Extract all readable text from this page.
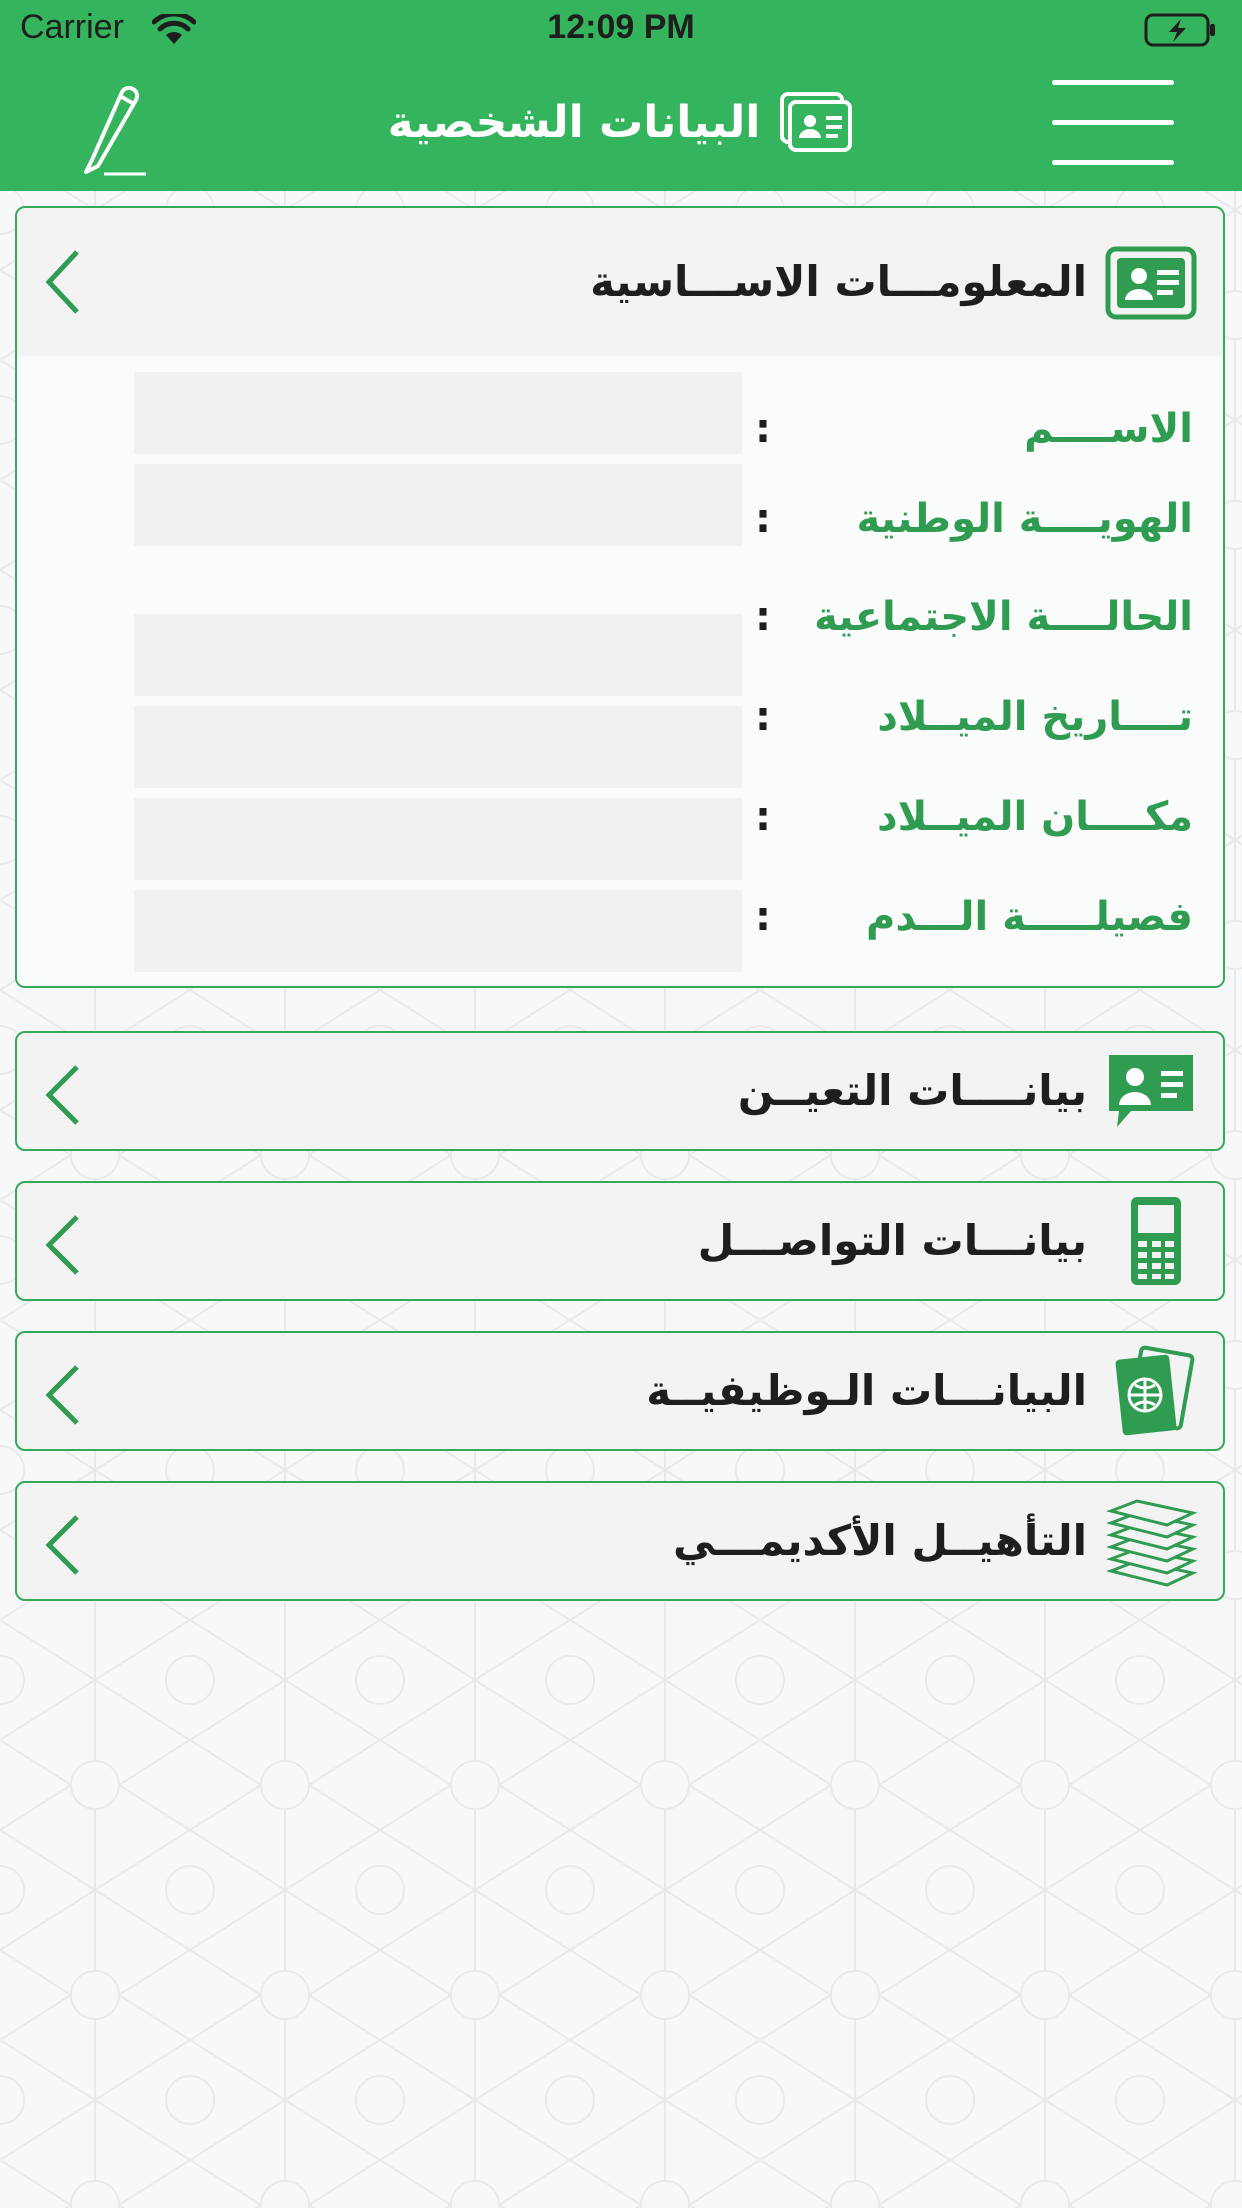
Carrier	12:09 PM
البيانات الشخصية
المعلومـــات الاســـاسية
الاســــم
:
الهويــــة الوطنية
:
الحالــــة الاجتماعية
:
تــــاريخ الميــلاد
:
مكــــان الميــلاد
:
فصيلـــــة الـــدم
:
بيانــــات التعيــن
بيانـــات التواصـــل
البيانـــات الـوظيفيــة
التأهيــل الأكديمـــي
